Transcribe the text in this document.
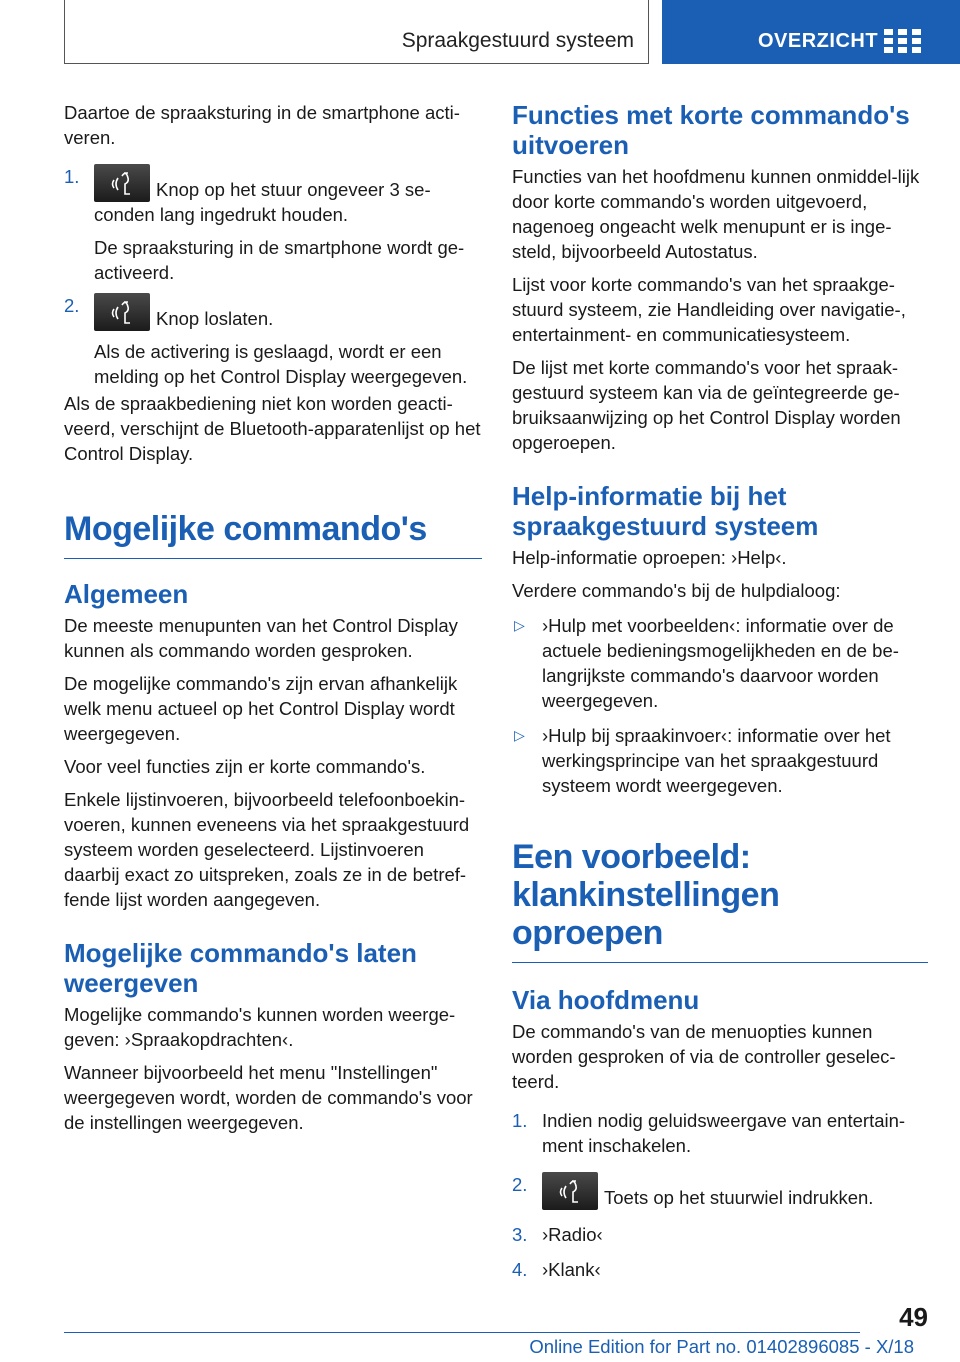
Spraakgestuurd systeem	OVERZICHT

Daartoe de spraaksturing in de smartphone acti‐veren.

1.

Knop op het stuur ongeveer 3 se‐conden lang ingedrukt houden.

De spraaksturing in de smartphone wordt ge‐activeerd.

2.

Knop loslaten.

Als de activering is geslaagd, wordt er een melding op het Control Display weergegeven.

Als de spraakbediening niet kon worden geacti‐veerd, verschijnt de Bluetooth-apparatenlijst op het Control Display.

Mogelijke commando's
Algemeen

De meeste menupunten van het Control Display kunnen als commando worden gesproken.

De mogelijke commando's zijn ervan afhankelijk welk menu actueel op het Control Display wordt weergegeven.

Voor veel functies zijn er korte commando's.

Enkele lijstinvoeren, bijvoorbeeld telefoonboekin‐voeren, kunnen eveneens via het spraakgestuurd systeem worden geselecteerd. Lijstinvoeren daarbij exact zo uitspreken, zoals ze in de betref‐fende lijst worden aangegeven.

Mogelijke commando's laten weergeven

Mogelijke commando's kunnen worden weerge‐geven: ›Spraakopdrachten‹.

Wanneer bijvoorbeeld het menu "Instellingen" weergegeven wordt, worden de commando's voor de instellingen weergegeven.

Functies met korte commando's uitvoeren

Functies van het hoofdmenu kunnen onmiddel‐lijk door korte commando's worden uitgevoerd, nagenoeg ongeacht welk menupunt er is inge‐steld, bijvoorbeeld Autostatus.

Lijst voor korte commando's van het spraakge‐stuurd systeem, zie Handleiding over navigatie-, entertainment- en communicatiesysteem.

De lijst met korte commando's voor het spraak‐gestuurd systeem kan via de geïntegreerde ge‐bruiksaanwijzing op het Control Display worden opgeroepen.

Help-informatie bij het spraakgestuurd systeem

Help-informatie oproepen: ›Help‹.

Verdere commando's bij de hulpdialoog:

▷ ›Hulp met voorbeelden‹: informatie over de actuele bedieningsmogelijkheden en de be‐langrijkste commando's daarvoor worden weergegeven.
▷ ›Hulp bij spraakinvoer‹: informatie over het werkingsprincipe van het spraakgestuurd systeem wordt weergegeven.
Een voorbeeld: klankinstellingen oproepen
Via hoofdmenu

De commando's van de menuopties kunnen worden gesproken of via de controller geselec‐teerd.

1. Indien nodig geluidsweergave van entertain‐ment inschakelen.
2.
Toets op het stuurwiel indrukken.
3. ›Radio‹
4. ›Klank‹
49
Online Edition for Part no. 01402896085 - X/18
